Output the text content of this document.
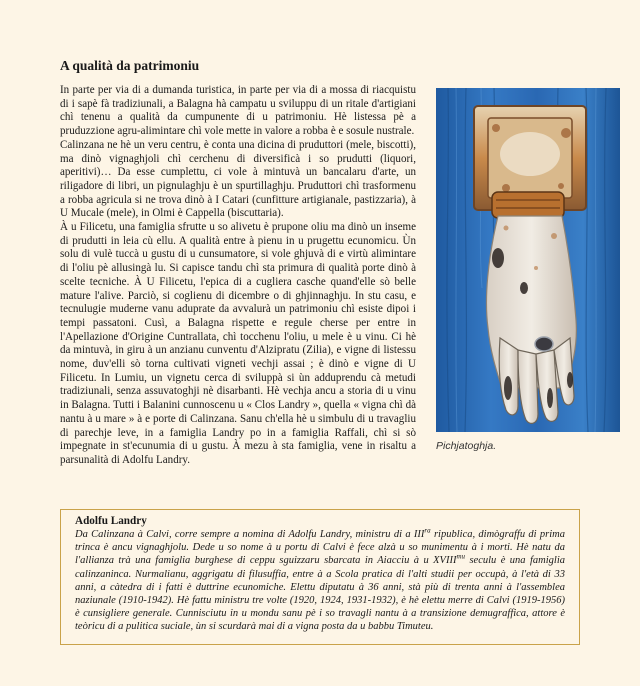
A qualità da patrimoniu

In parte per via di a dumanda turistica, in parte per via di a mossa di riacquistu di i sapè fà tradiziunali, a Balagna hà campatu u sviluppu di un ritale d'artigiani chì tenenu a qualità da cumpunente di u patrimoniu. Hè listessa pè a pruduzzione agru-alimintare chì vole mette in valore a robba è e sosule nustrale.

Calinzana ne hè un veru centru, è conta una dicina di pruduttori (mele, biscotti), ma dinò vignaghjoli chì cerchenu di diversificà i so prudutti (liquori, aperitivi)… Da esse cumplettu, ci vole à mintuvà un bancalaru d'arte, un riligadore di libri, un pignulaghju è un spurtillaghju. Pruduttori chì trasformenu a robba agricula si ne trova dinò à I Catari (cunfitture artigianale, pastizzaria), à U Mucale (mele), in Olmi è Cappella (biscuttaria).

À u Filicetu, una famiglia sfrutte u so alivetu è prupone oliu ma dinò un inseme di prudutti in leia cù ellu. A qualità entre à pienu in u prugettu ecunomicu. Ùn solu di vulè tuccà u gustu di u cunsumatore, si vole ghjuvà di e virtù alimintare di l'oliu pè allusingà lu. Si capisce tandu chì sta primura di qualità porte dinò à scelte tecniche. À U Filicetu, l'epica di a cugliera casche quand'elle sò belle mature l'alive. Parciò, si coglienu di dicembre o di ghjinnaghju. In stu casu, e tecnulugie muderne vanu aduprate da avvalurà un patrimoniu chì esiste dipoi i tempi passatoni. Cusì, a Balagna rispette e regule cherse per entre in l'Apellazione d'Origine Cuntrallata, chì tocchenu l'oliu, u mele è u vinu. Ci hè da mintuvà, in giru à un anzianu cunventu d'Alzipratu (Zilia), e vigne di listessu nome, duv'elli sò torna cultivati vigneti vechji assai ; è dinò e vigne di U Filicetu. In Lumiu, un vignetu cerca di sviluppà si ùn adduprendu cà metudi tradiziunali, senza assuvatoghji nè disarbanti. Hè vechja ancu a storia di u vinu in Balagna. Tutti i Balanini cunnoscenu u « Clos Landry », quella « vigna chì dà nantu à u mare » à e porte di Calinzana. Sanu ch'ella hè u simbulu di u travagliu di parechje leve, in a famiglia Landry po in a famiglia Raffali, chì si sò impegnate in st'ecunumia di u gustu. À mezu à sta famiglia, vene in risaltu a parsunalità di Adolfu Landry.

Pichjatoghja.
Adolfu Landry

Da Calinzana à Calvi, corre sempre a nomina di Adolfu Landry, ministru di a $III^{ra}$ ripublica, dimògraffu di prima trinca è ancu vignaghjolu. Dede u so nome à u portu di Calvi è fece alzà u so munimentu à i morti. Hè natu da l'allianza trà una famiglia burghese di ceppu sguizzaru sbarcata in Aiacciu à u $XVIII^{mu}$ seculu è una famiglia calinzaninca. Nurmalianu, aggrigatu di filusuffia, entre à a Scola pratica di l'alti studii per occupà, à l'età di 33 anni, a càtedra di i fatti è duttrine ecunomiche. Elettu diputatu à 36 anni, stà più di trenta anni à l'assemblea naziunale (1910-1942). Hè fattu ministru tre volte (1920, 1924, 1931-1932), è hè elettu merre di Calvi (1919-1956) è cunsigliere generale. Cunnisciutu in u mondu sanu pè i so travagli nantu à a transizione demugraffica, attore è teòricu di a pulitica suciale, ùn si scurdarà mai di a vigna posta da u babbu Timuteu.
